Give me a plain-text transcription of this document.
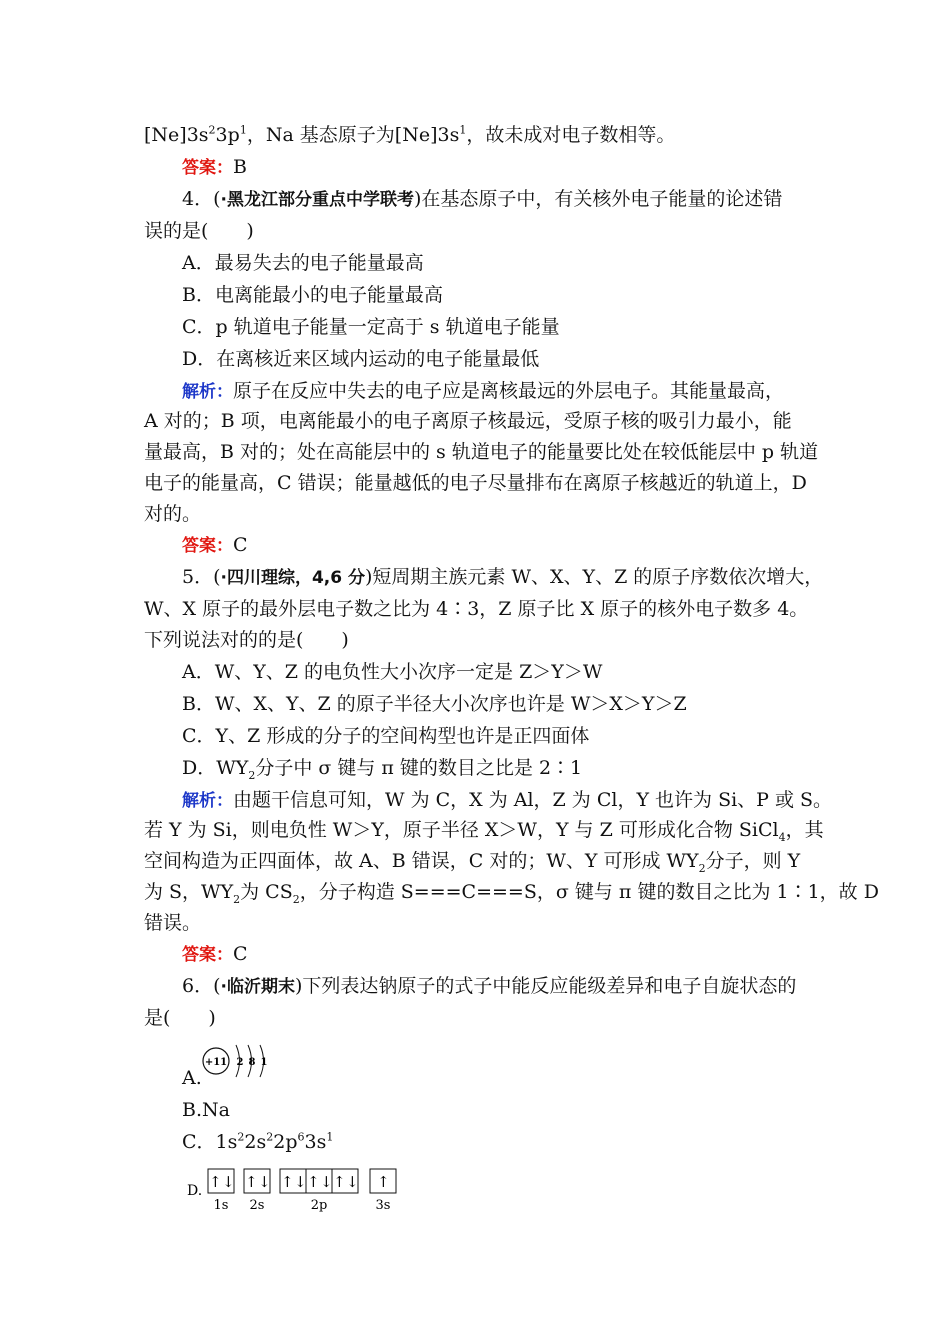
$[Ne]3s^23p^1$，Na 基态原子为$[Ne]3s^1$，故未成对电子数相等。
答案：B
4．(·黑龙江部分重点中学联考)在基态原子中，有关核外电子能量的论述错
误的是(　　)
A．最易失去的电子能量最高
B．电离能最小的电子能量最高
C．p 轨道电子能量一定高于 s 轨道电子能量
D．在离核近来区域内运动的电子能量最低
解析：原子在反应中失去的电子应是离核最远的外层电子。其能量最高，
A 对的；B 项，电离能最小的电子离原子核最远，受原子核的吸引力最小，能
量最高，B 对的；处在高能层中的 s 轨道电子的能量要比处在较低能层中 p 轨道
电子的能量高，C 错误；能量越低的电子尽量排布在离原子核越近的轨道上，D
对的。
答案：C
5．(·四川理综，4,6 分)短周期主族元素 W、X、Y、Z 的原子序数依次增大，
W、X 原子的最外层电子数之比为 4∶3，Z 原子比 X 原子的核外电子数多 4。
下列说法对的的是(　　)
A．W、Y、Z 的电负性大小次序一定是 Z＞Y＞W
B．W、X、Y、Z 的原子半径大小次序也许是 W＞X＞Y＞Z
C．Y、Z 形成的分子的空间构型也许是正四面体
D．$WY_2$分子中 σ 键与 π 键的数目之比是 2∶1
解析：由题干信息可知，W 为 C，X 为 Al，Z 为 Cl，Y 也许为 Si、P 或 S。
若 Y 为 Si，则电负性 W＞Y，原子半径 X＞W，Y 与 Z 可形成化合物 SiCl$_4$，其
空间构造为正四面体，故 A、B 错误，C 对的；W、Y 可形成 $WY_2$分子，则 Y
为 S，$WY_2$为 $CS_2$，分子构造 S===C===S，σ 键与 π 键的数目之比为 1∶1，故 D
错误。
答案：C
6．(·临沂期末)下列表达钠原子的式子中能反应能级差异和电子自旋状态的
是(　　)
A.
+11 2 8 1
B.Na
C．$1s^22s^22p^63s^1$
D. ↑ ↓ ↑ ↓ ↑ ↓ ↑ ↓ ↑ ↓ ↑
1s 2s	2p	3s
